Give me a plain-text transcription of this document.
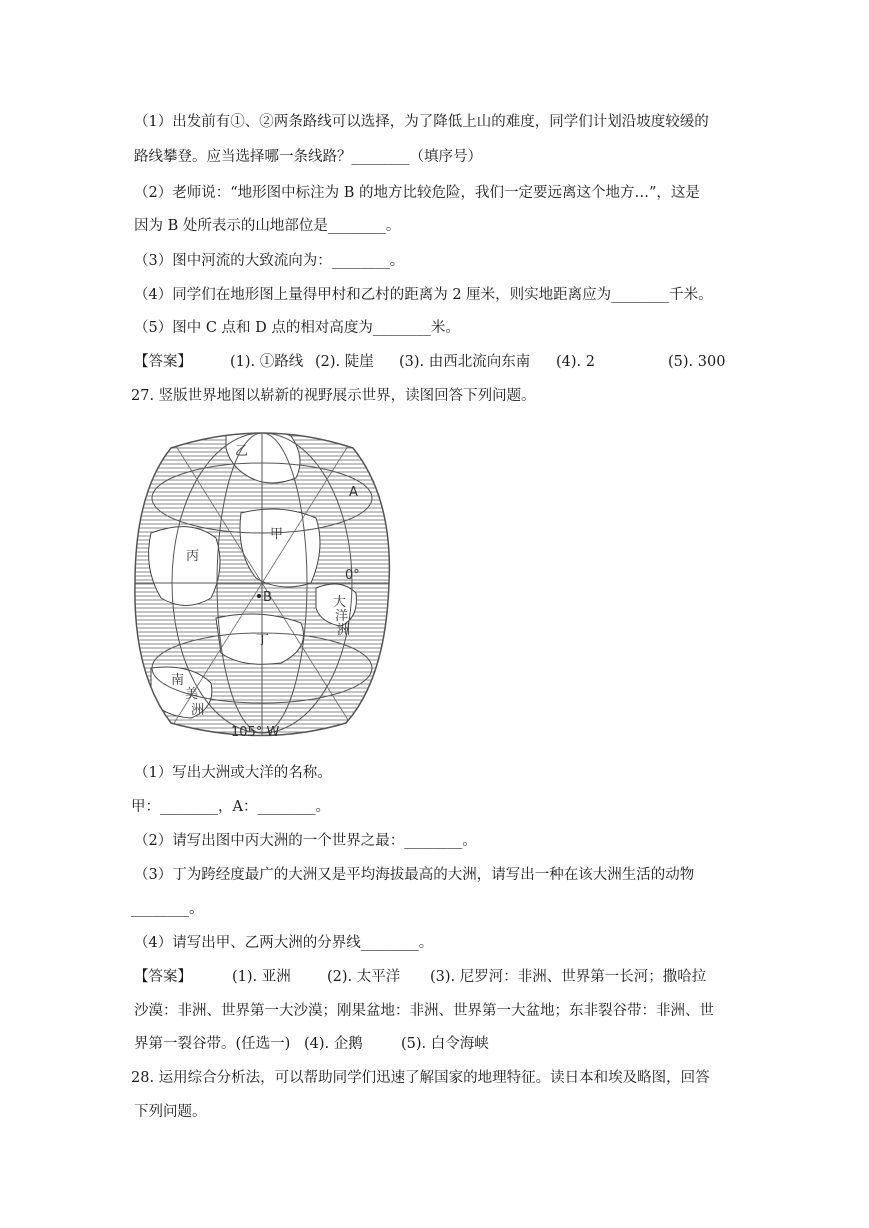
（1）出发前有①、②两条路线可以选择，为了降低上山的难度，同学们计划沿坡度较缓的
路线攀登。应当选择哪一条线路？________（填序号）
（2）老师说：“地形图中标注为 B 的地方比较危险，我们一定要远离这个地方…”，这是
因为 B 处所表示的山地部位是________。
（3）图中河流的大致流向为：________。
（4）同学们在地形图上量得甲村和乙村的距离为 2 厘米，则实地距离应为________千米。
（5）图中 C 点和 D 点的相对高度为________米。
【答案】	(1). ①路线 (2). 陡崖 (3). 由西北流向东南 (4). 2	(5). 300
27. 竖版世界地图以崭新的视野展示世界，读图回答下列问题。
乙
A
甲
丙
0°
B	大
洋
洲
丁
南
美
洲
105° W
（1）写出大洲或大洋的名称。
甲：________，A：________。
（2）请写出图中丙大洲的一个世界之最：________。
（3）丁为跨经度最广的大洲又是平均海拔最高的大洲，请写出一种在该大洲生活的动物
________。
（4）请写出甲、乙两大洲的分界线________。
【答案】	(1). 亚洲 (2). 太平洋 (3). 尼罗河：非洲、世界第一长河；撒哈拉
沙漠：非洲、世界第一大沙漠；刚果盆地：非洲、世界第一大盆地；东非裂谷带：非洲、世
界第一裂谷带。(任选一) (4). 企鹅	(5). 白令海峡
28. 运用综合分析法，可以帮助同学们迅速了解国家的地理特征。读日本和埃及略图，回答
下列问题。
